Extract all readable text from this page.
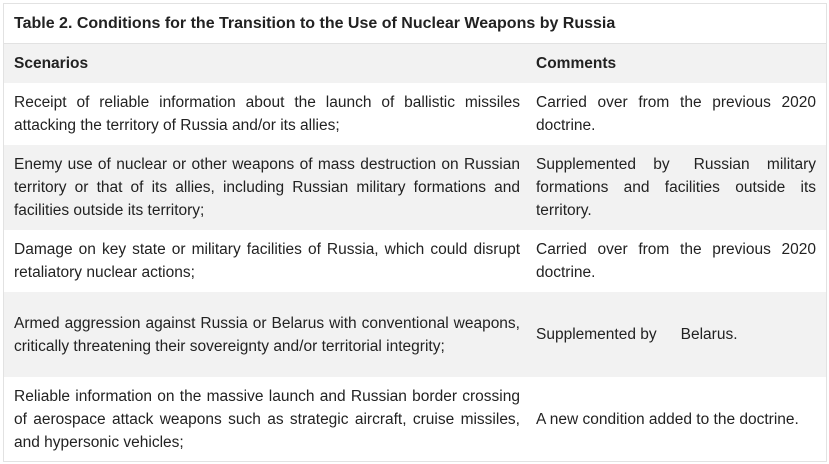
Table 2. Conditions for the Transition to the Use of Nuclear Weapons by Russia
Scenarios	Comments
Receipt of reliable information about the launch of ballistic missiles attacking the territory of Russia and/or its allies;
Carried over from the previous 2020 doctrine.
Enemy use of nuclear or other weapons of mass destruction on Russian territory or that of its allies, including Russian military formations and facilities outside its territory;
Supplemented by Russian military formations and facilities outside its territory.
Damage on key state or military facilities of Russia, which could disrupt retaliatory nuclear actions;
Carried over from the previous 2020 doctrine.
Armed aggression against Russia or Belarus with conventional weapons, critically threatening their sovereignty and/or territorial integrity;
Supplemented by Belarus.
Reliable information on the massive launch and Russian border crossing of aerospace attack weapons such as strategic aircraft, cruise missiles, and hypersonic vehicles;
A new condition added to the doctrine.
